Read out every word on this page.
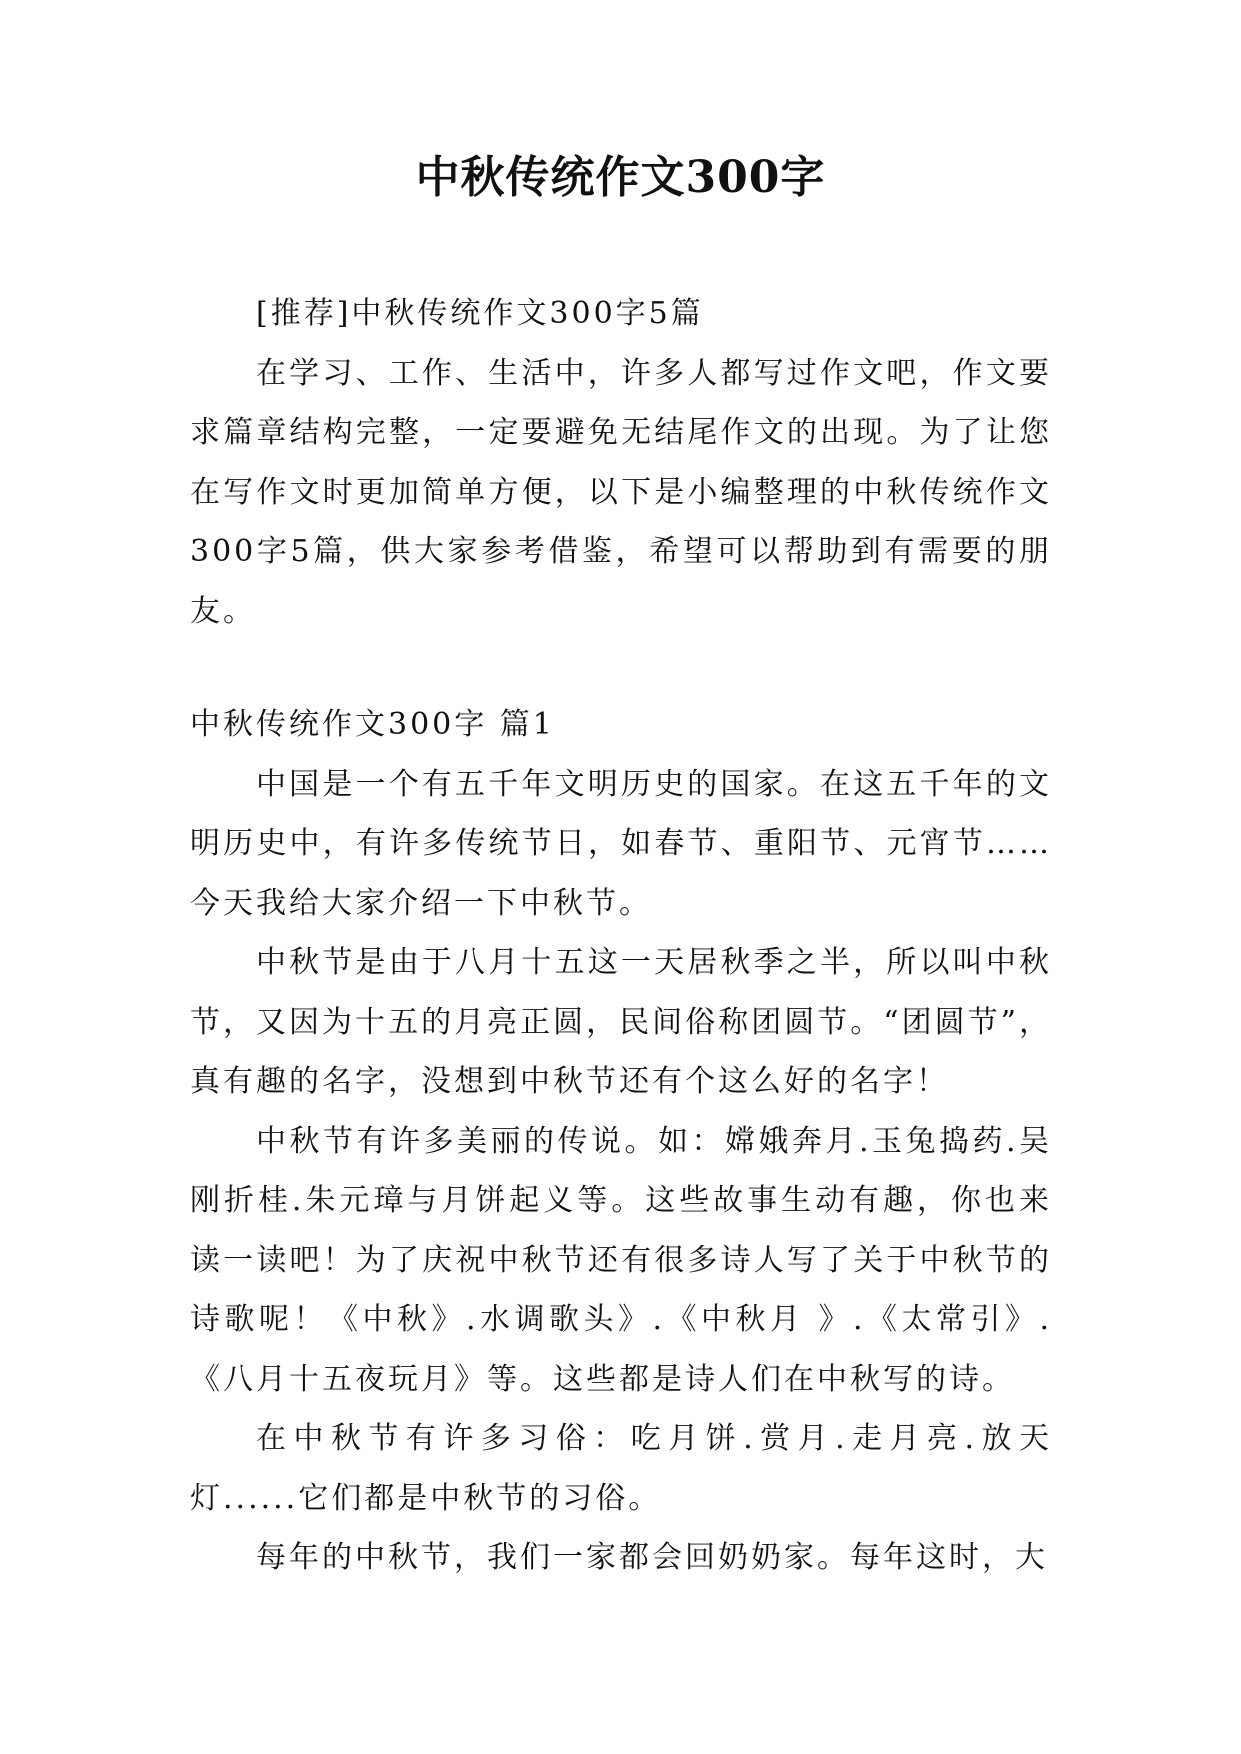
中秋传统作文300字

[推荐]中秋传统作文300字5篇

在学习、工作、生活中，许多人都写过作文吧，作文要求篇章结构完整，一定要避免无结尾作文的出现。为了让您在写作文时更加简单方便，以下是小编整理的中秋传统作文300字5篇，供大家参考借鉴，希望可以帮助到有需要的朋友。

中秋传统作文300字 篇1

中国是一个有五千年文明历史的国家。在这五千年的文明历史中，有许多传统节日，如春节、重阳节、元宵节……今天我给大家介绍一下中秋节。

中秋节是由于八月十五这一天居秋季之半，所以叫中秋节，又因为十五的月亮正圆，民间俗称团圆节。“团圆节”，真有趣的名字，没想到中秋节还有个这么好的名字！

中秋节有许多美丽的传说。如：嫦娥奔月.玉兔捣药.吴刚折桂.朱元璋与月饼起义等。这些故事生动有趣，你也来读一读吧！为了庆祝中秋节还有很多诗人写了关于中秋节的诗歌呢！《中秋》.水调歌头》.《中秋月 》.《太常引》.《八月十五夜玩月》等。这些都是诗人们在中秋写的诗。

在中秋节有许多习俗：吃月饼.赏月.走月亮.放天灯......它们都是中秋节的习俗。

每年的中秋节，我们一家都会回奶奶家。每年这时，大
